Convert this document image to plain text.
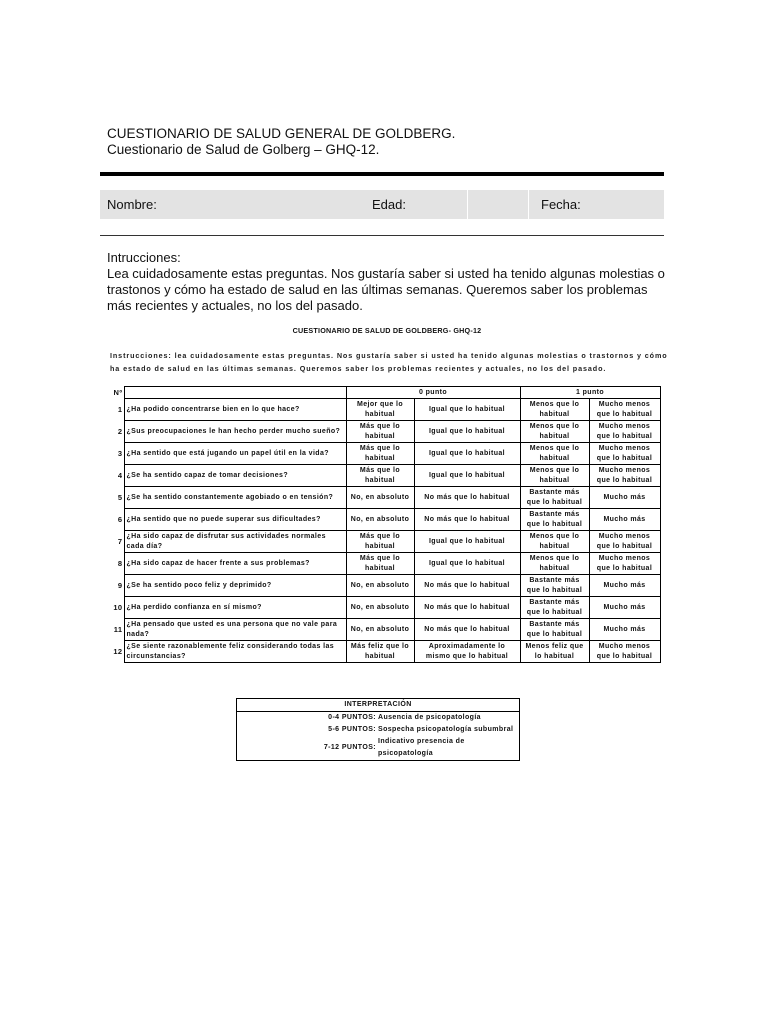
CUESTIONARIO DE SALUD GENERAL DE GOLDBERG.
Cuestionario de Salud de Golberg – GHQ-12.
Nombre:	Edad:	Fecha:

Intrucciones:

Lea cuidadosamente estas preguntas. Nos gustaría saber si usted ha tenido algunas molestias o trastonos y cómo ha estado de salud en las últimas semanas. Queremos saber los problemas más recientes y actuales, no los del pasado.

CUESTIONARIO DE SALUD DE GOLDBERG- GHQ-12
Instrucciones: lea cuidadosamente estas preguntas. Nos gustaría saber si usted ha tenido algunas molestias o trastornos y cómo ha estado de salud en las últimas semanas. Queremos saber los problemas recientes y actuales, no los del pasado.
Nº		0 punto		1 punto	
1	¿Ha podido concentrarse bien en lo que hace?	Mejor que lo habitual	Igual que lo habitual	Menos que lo habitual	Mucho menos que lo habitual
2	¿Sus preocupaciones le han hecho perder mucho sueño?	Más que lo habitual	Igual que lo habitual	Menos que lo habitual	Mucho menos que lo habitual
3	¿Ha sentido que está jugando un papel útil en la vida?	Más que lo habitual	Igual que lo habitual	Menos que lo habitual	Mucho menos que lo habitual
4	¿Se ha sentido capaz de tomar decisiones?	Más que lo habitual	Igual que lo habitual	Menos que lo habitual	Mucho menos que lo habitual
5	¿Se ha sentido constantemente agobiado o en tensión?	No, en absoluto	No más que lo habitual	Bastante más que lo habitual	Mucho más
6	¿Ha sentido que no puede superar sus dificultades?	No, en absoluto	No más que lo habitual	Bastante más que lo habitual	Mucho más
7	¿Ha sido capaz de disfrutar sus actividades normales cada día?	Más que lo habitual	Igual que lo habitual	Menos que lo habitual	Mucho menos que lo habitual
8	¿Ha sido capaz de hacer frente a sus problemas?	Más que lo habitual	Igual que lo habitual	Menos que lo habitual	Mucho menos que lo habitual
9	¿Se ha sentido poco feliz y deprimido?	No, en absoluto	No más que lo habitual	Bastante más que lo habitual	Mucho más
10	¿Ha perdido confianza en sí mismo?	No, en absoluto	No más que lo habitual	Bastante más que lo habitual	Mucho más
11	¿Ha pensado que usted es una persona que no vale para nada?	No, en absoluto	No más que lo habitual	Bastante más que lo habitual	Mucho más
12	¿Se siente razonablemente feliz considerando todas las circunstancias?	Más feliz que lo habitual	Aproximadamente lo mismo que lo habitual	Menos feliz que lo habitual	Mucho menos que lo habitual
INTERPRETACIÓN	
0-4 PUNTOS:	Ausencia de psicopatología
5-6 PUNTOS:	Sospecha psicopatología subumbral
7-12 PUNTOS:	Indicativo presencia de psicopatología
